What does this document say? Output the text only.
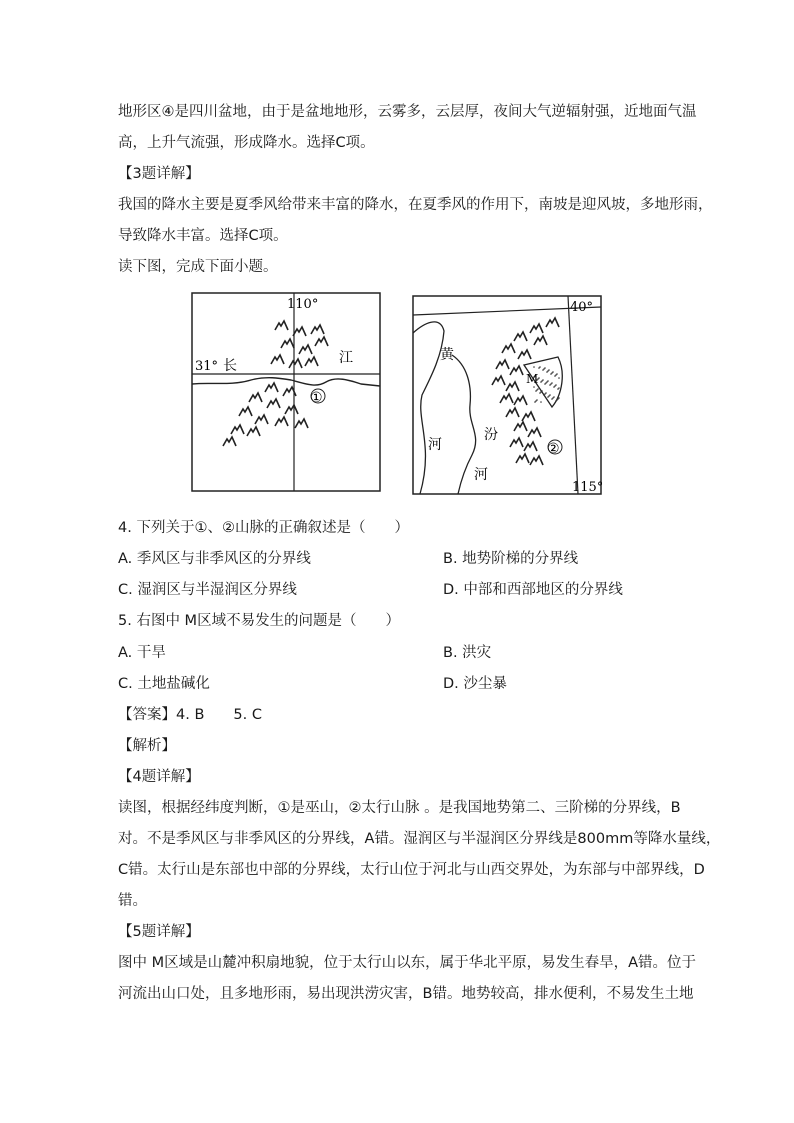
地形区④是四川盆地，由于是盆地地形，云雾多，云层厚，夜间大气逆辐射强，近地面气温
高，上升气流强，形成降水。选择C项。
【3题详解】
我国的降水主要是夏季风给带来丰富的降水，在夏季风的作用下，南坡是迎风坡，多地形雨，
导致降水丰富。选择C项。
读下图，完成下面小题。
110°
31° 长	江
①
M
40°
115°
黄
河
汾
河
②
4. 下列关于①、②山脉的正确叙述是（　　）
A. 季风区与非季风区的分界线	B. 地势阶梯的分界线
C. 湿润区与半湿润区分界线	D. 中部和西部地区的分界线
5. 右图中 M区域不易发生的问题是（　　）
A. 干旱	B. 洪灾
C. 土地盐碱化	D. 沙尘暴
【答案】4. B　　5. C
【解析】
【4题详解】
读图，根据经纬度判断，①是巫山，②太行山脉 。是我国地势第二、三阶梯的分界线，B
对。不是季风区与非季风区的分界线，A错。湿润区与半湿润区分界线是800mm等降水量线，
C错。太行山是东部也中部的分界线，太行山位于河北与山西交界处，为东部与中部界线，D
错。
【5题详解】
图中 M区域是山麓冲积扇地貌，位于太行山以东，属于华北平原，易发生春旱，A错。位于
河流出山口处，且多地形雨，易出现洪涝灾害，B错。地势较高，排水便利，不易发生土地
